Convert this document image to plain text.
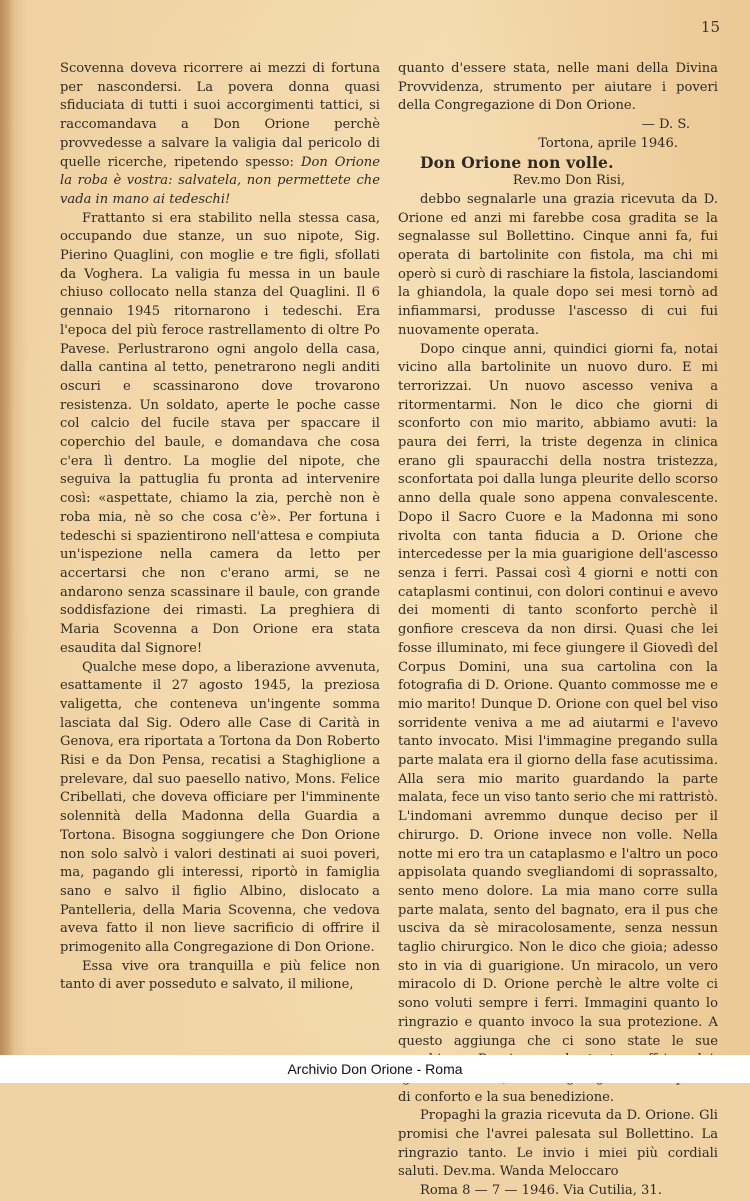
15

Scovenna doveva ricorrere ai mezzi di fortuna per nascondersi. La povera donna quasi sfiduciata di tutti i suoi accorgimenti tattici, si raccomandava a Don Orione perchè provvedesse a salvare la valigia dal pericolo di quelle ricerche, ripetendo spesso: Don Orione la roba è vostra: salvatela, non permettete che vada in mano ai tedeschi!

Frattanto si era stabilito nella stessa casa, occupando due stanze, un suo nipote, Sig. Pierino Quaglini, con moglie e tre figli, sfollati da Voghera. La valigia fu messa in un baule chiuso collocato nella stanza del Quaglini. Il 6 gennaio 1945 ritornarono i tedeschi. Era l'epoca del più feroce rastrellamento di oltre Po Pavese. Perlustrarono ogni angolo della casa, dalla cantina al tetto, penetrarono negli anditi oscuri e scassinarono dove trovarono resistenza. Un soldato, aperte le poche casse col calcio del fucile stava per spaccare il coperchio del baule, e domandava che cosa c'era lì dentro. La moglie del nipote, che seguiva la pattuglia fu pronta ad intervenire così: «aspettate, chiamo la zia, perchè non è roba mia, nè so che cosa c'è». Per fortuna i tedeschi si spazientirono nell'attesa e compiuta un'ispezione nella camera da letto per accertarsi che non c'erano armi, se ne andarono senza scassinare il baule, con grande soddisfazione dei rimasti. La preghiera di Maria Scovenna a Don Orione era stata esaudita dal Signore!

Qualche mese dopo, a liberazione avvenuta, esattamente il 27 agosto 1945, la preziosa valigetta, che conteneva un'ingente somma lasciata dal Sig. Odero alle Case di Carità in Genova, era riportata a Tortona da Don Roberto Risi e da Don Pensa, recatisi a Staghiglione a prelevare, dal suo paesello nativo, Mons. Felice Cribellati, che doveva officiare per l'imminente solennità della Madonna della Guardia a Tortona. Bisogna soggiungere che Don Orione non solo salvò i valori destinati ai suoi poveri, ma, pagando gli interessi, riportò in famiglia sano e salvo il figlio Albino, dislocato a Pantelleria, della Maria Scovenna, che vedova aveva fatto il non lieve sacrificio di offrire il primogenito alla Congregazione di Don Orione.

Essa vive ora tranquilla e più felice non tanto di aver posseduto e salvato, il milione,

quanto d'essere stata, nelle mani della Divina Provvidenza, strumento per aiutare i poveri della Congregazione di Don Orione.

— D. S.

Tortona, aprile 1946.

Don Orione non volle.

Rev.mo Don Risi,

debbo segnalarle una grazia ricevuta da D. Orione ed anzi mi farebbe cosa gradita se la segnalasse sul Bollettino. Cinque anni fa, fui operata di bartolinite con fistola, ma chi mi operò si curò di raschiare la fistola, lasciandomi la ghiandola, la quale dopo sei mesi tornò ad infiammarsi, produsse l'ascesso di cui fui nuovamente operata.

Dopo cinque anni, quindici giorni fa, notai vicino alla bartolinite un nuovo duro. E mi terrorizzai. Un nuovo ascesso veniva a ritormentarmi. Non le dico che giorni di sconforto con mio marito, abbiamo avuti: la paura dei ferri, la triste degenza in clinica erano gli spauracchi della nostra tristezza, sconfortata poi dalla lunga pleurite dello scorso anno della quale sono appena convalescente. Dopo il Sacro Cuore e la Madonna mi sono rivolta con tanta fiducia a D. Orione che intercedesse per la mia guarigione dell'ascesso senza i ferri. Passai così 4 giorni e notti con cataplasmi continui, con dolori continui e avevo dei momenti di tanto sconforto perchè il gonfiore cresceva da non dirsi. Quasi che lei fosse illuminato, mi fece giungere il Giovedì del Corpus Domini, una sua cartolina con la fotografia di D. Orione. Quanto commosse me e mio marito! Dunque D. Orione con quel bel viso sorridente veniva a me ad aiutarmi e l'avevo tanto invocato. Misi l'immagine pregando sulla parte malata era il giorno della fase acutissima. Alla sera mio marito guardando la parte malata, fece un viso tanto serio che mi rattristò. L'indomani avremmo dunque deciso per il chirurgo. D. Orione invece non volle. Nella notte mi ero tra un cataplasmo e l'altro un poco appisolata quando svegliandomi di soprassalto, sento meno dolore. La mia mano corre sulla parte malata, sento del bagnato, era il pus che usciva da sè miracolosamente, senza nessun taglio chirurgico. Non le dico che gioia; adesso sto in via di guarigione. Un miracolo, un vero miracolo di D. Orione perchè le altre volte ci sono voluti sempre i ferri. Immagini quanto lo ringrazio e quanto invoco la sua protezione. A questo aggiunga che ci sono state le sue di conforto e la sua benedizione.

Propaghi la grazia ricevuta da D. Orione. Gli promisi che l'avrei palesata sul Bollettino. La ringrazio tanto. Le invio i miei più cordiali saluti. Dev.ma. Wanda Meloccaro

Roma 8 — 7 — 1946. Via Cutilia, 31.

Archivio Don Orione - Roma
